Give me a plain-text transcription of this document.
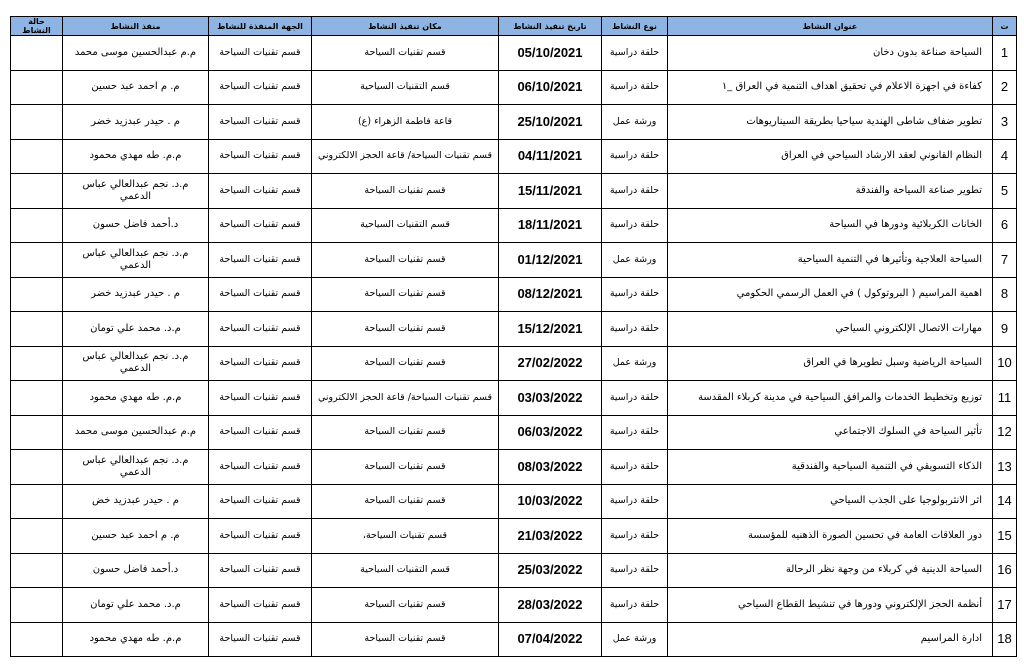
ت	عنوان النشاط	نوع النشاط	تاريخ تنفيذ النشاط	مكان تنفيذ النشاط	الجهة المنفذة للنشاط	منفذ النشاط	حالة النشاط
1	السياحة صناعة بدون دخان	حلقة دراسية	05/10/2021	قسم تقنيات السياحة	قسم تقنيات السياحة	م.م عبدالحسين موسى محمد	
2	كفاءة في اجهزة الاعلام في تحقيق اهداف التنمية في العراق _١	حلقة دراسية	06/10/2021	قسم التقنيات السياحية	قسم تقنيات السياحة	م. م احمد عبد حسين	
3	تطوير ضفاف شاطى الهندية سياحيا بطريقة السيناريوهات	ورشة عمل	25/10/2021	قاعة فاطمة الزهراء (ع)	قسم تقنيات السياحة	م . حيدر عبدزيد خضر	
4	النظام القانوني لعقد الارشاد السياحي في العراق	حلقة دراسية	04/11/2021	قسم تقنيات السياحة/ قاعة الحجز الالكتروني	قسم تقنيات السياحة	م.م. طه مهدي محمود	
5	تطوير صناعة السياحة والفندقة	حلقة دراسية	15/11/2021	قسم تقنيات السياحة	قسم تقنيات السياحة	م.د. نجم عبدالعالي عباس الدعمي	
6	الخانات الكربلائية ودورها في السياحة	حلقة دراسية	18/11/2021	قسم التقنيات السياحية	قسم تقنيات السياحة	د.أحمد فاضل حسون	
7	السياحة العلاجية وتأثيرها في التنمية السياحية	ورشة عمل	01/12/2021	قسم تقنيات السياحة	قسم تقنيات السياحة	م.د. نجم عبدالعالي عباس الدعمي	
8	اهمية المراسيم ( البروتوكول ) في العمل الرسمي الحكومي	حلقة دراسية	08/12/2021	قسم تقنيات السياحة	قسم تقنيات السياحة	م . حيدر عبدزيد خضر	
9	مهارات الاتصال الإلكتروني السياحي	حلقة دراسية	15/12/2021	قسم تقنيات السياحة	قسم تقنيات السياحة	م.د. محمد علي تومان	
10	السياحة الرياضية وسبل تطويرها في العراق	ورشة عمل	27/02/2022	قسم تقنيات السياحة	قسم تقنيات السياحة	م.د. نجم عبدالعالي عباس الدعمي	
11	توزيع وتخطيط الخدمات والمرافق السياحية في مدينة كربلاء المقدسة	حلقة دراسية	03/03/2022	قسم تقنيات السياحة/ قاعة الحجز الالكتروني	قسم تقنيات السياحة	م.م. طه مهدي محمود	
12	تأثير السياحة في السلوك الاجتماعي	حلقة دراسية	06/03/2022	قسم تقنيات السياحة	قسم تقنيات السياحة	م.م عبدالحسين موسى محمد	
13	الذكاء التسويقي في التنمية السياحية والفندقية	حلقة دراسية	08/03/2022	قسم تقنيات السياحة	قسم تقنيات السياحة	م.د. نجم عبدالعالي عباس الدعمي	
14	اثر الانثربولوجيا على الجذب السياحي	حلقة دراسية	10/03/2022	قسم تقنيات السياحة	قسم تقنيات السياحة	م . حيدر عبدزيد خض	
15	دور العلاقات العامة في تحسين الصورة الذهنيه للمؤسسة	حلقة دراسية	21/03/2022	قسم تقنيات السياحة،	قسم تقنيات السياحة	م. م احمد عبد حسين	
16	السياحة الدينية في كربلاء من وجهة نظر الرحالة	حلقة دراسية	25/03/2022	قسم التقنيات السياحية	قسم تقنيات السياحة	د.أحمد فاضل حسون	
17	أنظمة الحجز الإلكتروني ودورها في تنشيط القطاع السياحي	حلقة دراسية	28/03/2022	قسم تقنيات السياحة	قسم تقنيات السياحة	م.د. محمد علي تومان	
18	ادارة المراسيم	ورشة عمل	07/04/2022	قسم تقنيات السياحة	قسم تقنيات السياحة	م.م. طه مهدي محمود	
